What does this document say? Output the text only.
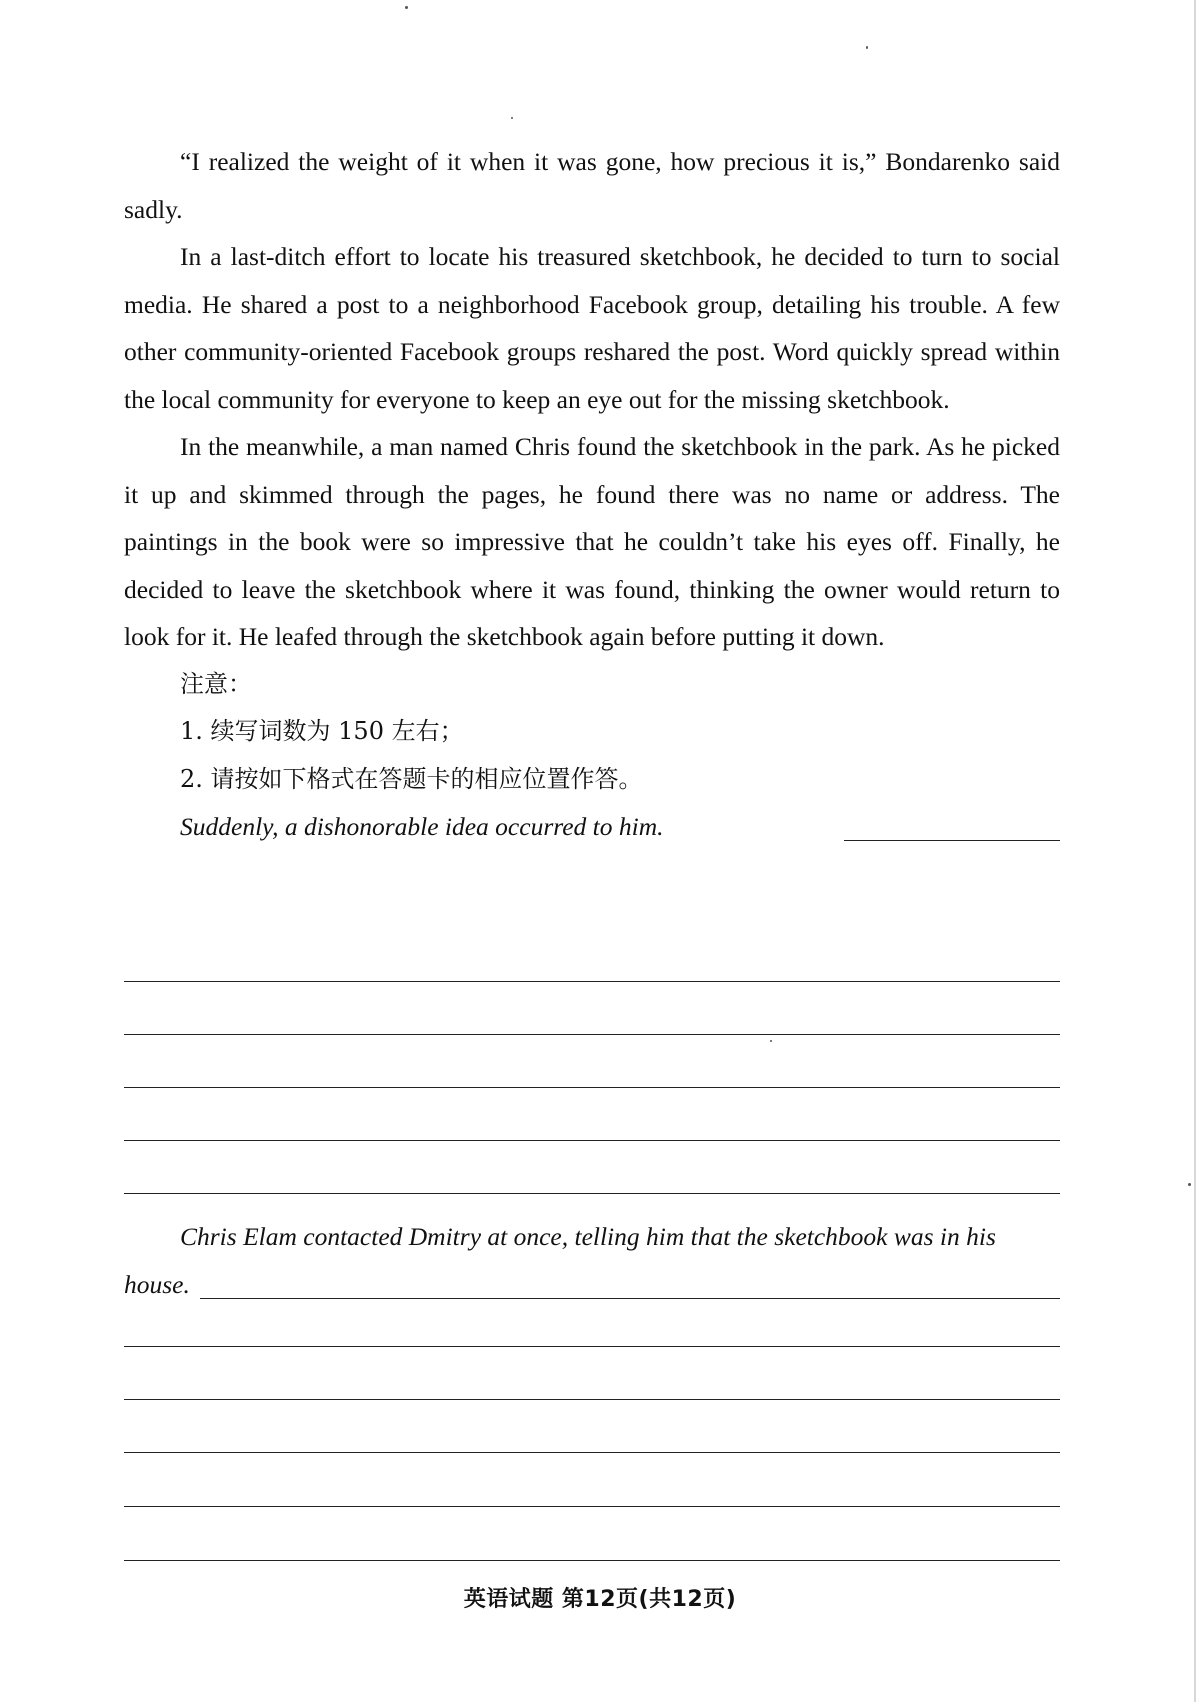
“I realized the weight of it when it was gone, how precious it is,” Bondarenko said sadly.

In a last-ditch effort to locate his treasured sketchbook, he decided to turn to social media. He shared a post to a neighborhood Facebook group, detailing his trouble. A few other community-oriented Facebook groups reshared the post. Word quickly spread within the local community for everyone to keep an eye out for the missing sketchbook.

In the meanwhile, a man named Chris found the sketchbook in the park. As he picked it up and skimmed through the pages, he found there was no name or address. The paintings in the book were so impressive that he couldn’t take his eyes off. Finally, he decided to leave the sketchbook where it was found, thinking the owner would return to look for it. He leafed through the sketchbook again before putting it down.

注意：

1. 续写词数为 150 左右；

2. 请按如下格式在答题卡的相应位置作答。

Suddenly, a dishonorable idea occurred to him.

Chris Elam contacted Dmitry at once, telling him that the sketchbook was in his

house.
英语试题 第12页(共12页)
